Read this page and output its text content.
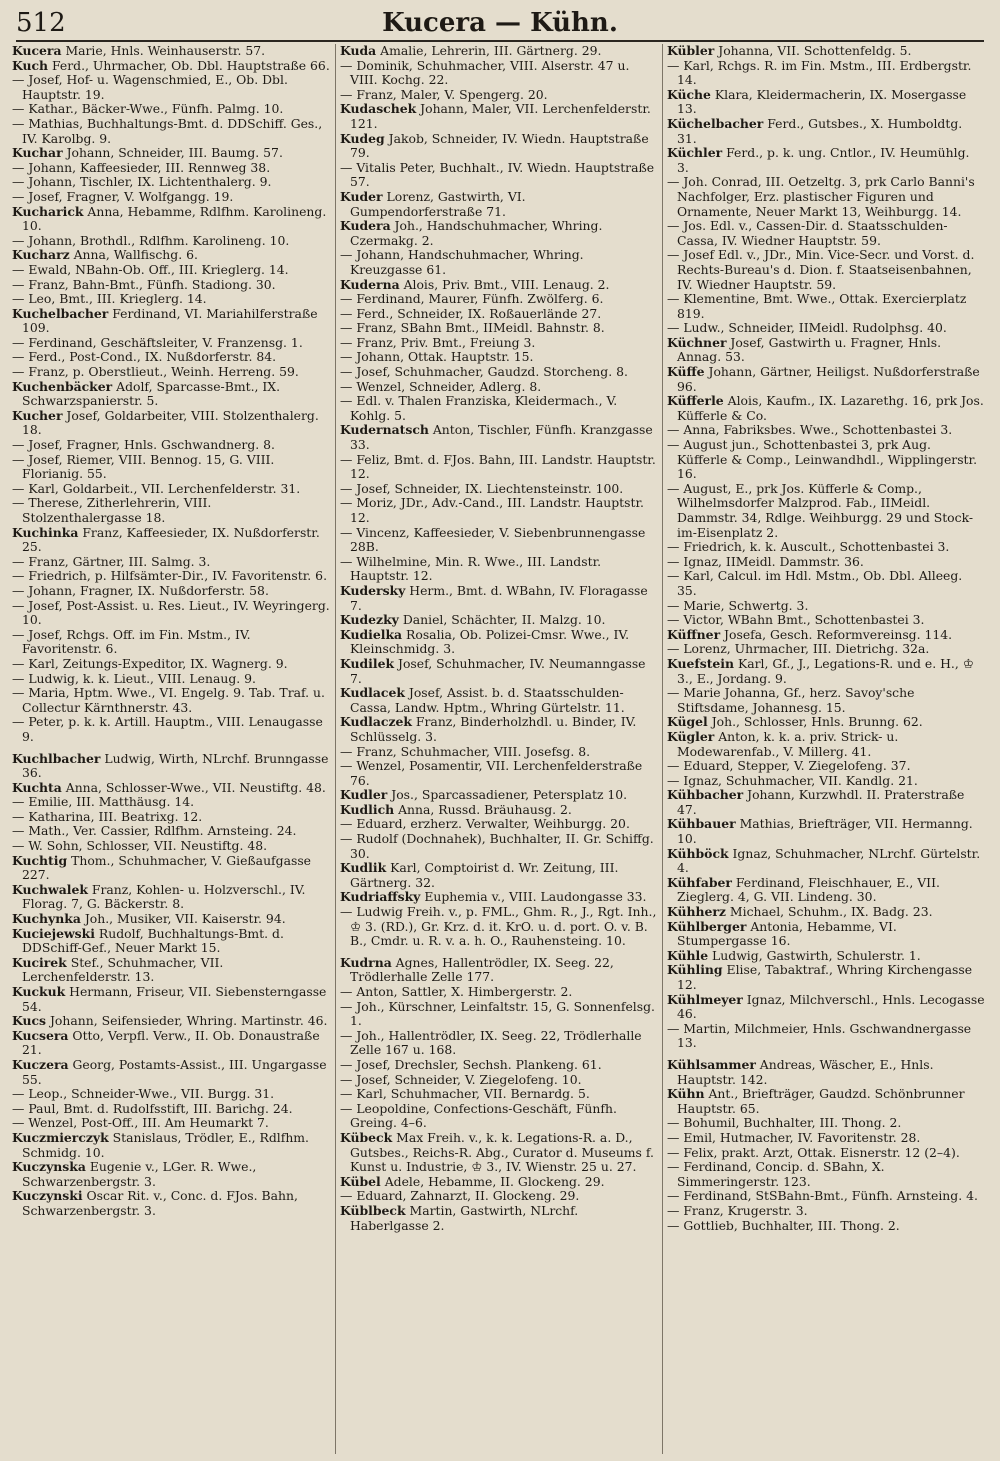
512	Kucera — Kühn.

Kucera Marie, Hnls. Weinhauserstr. 57.

Kuch Ferd., Uhrmacher, Ob. Dbl. Hauptstraße 66.

— Josef, Hof- u. Wagenschmied, E., Ob. Dbl. Hauptstr. 19.

— Kathar., Bäcker-Wwe., Fünfh. Palmg. 10.

— Mathias, Buchhaltungs-Bmt. d. DDSchiff. Ges., IV. Karolbg. 9.

Kuchar Johann, Schneider, III. Baumg. 57.

— Johann, Kaffeesieder, III. Rennweg 38.

— Johann, Tischler, IX. Lichtenthalerg. 9.

— Josef, Fragner, V. Wolfgangg. 19.

Kucharick Anna, Hebamme, Rdlfhm. Karolineng. 10.

— Johann, Brothdl., Rdlfhm. Karolineng. 10.

Kucharz Anna, Wallfischg. 6.

— Ewald, NBahn-Ob. Off., III. Krieglerg. 14.

— Franz, Bahn-Bmt., Fünfh. Stadiong. 30.

— Leo, Bmt., III. Krieglerg. 14.

Kuchelbacher Ferdinand, VI. Mariahilferstraße 109.

— Ferdinand, Geschäftsleiter, V. Franzensg. 1.

— Ferd., Post-Cond., IX. Nußdorferstr. 84.

— Franz, p. Oberstlieut., Weinh. Herreng. 59.

Kuchenbäcker Adolf, Sparcasse-Bmt., IX. Schwarzspanierstr. 5.

Kucher Josef, Goldarbeiter, VIII. Stolzenthalerg. 18.

— Josef, Fragner, Hnls. Gschwandnerg. 8.

— Josef, Riemer, VIII. Bennog. 15, G. VIII. Florianig. 55.

— Karl, Goldarbeit., VII. Lerchenfelderstr. 31.

— Therese, Zitherlehrerin, VIII. Stolzenthalergasse 18.

Kuchinka Franz, Kaffeesieder, IX. Nußdorferstr. 25.

— Franz, Gärtner, III. Salmg. 3.

— Friedrich, p. Hilfsämter-Dir., IV. Favoritenstr. 6.

— Johann, Fragner, IX. Nußdorferstr. 58.

— Josef, Post-Assist. u. Res. Lieut., IV. Weyringerg. 10.

— Josef, Rchgs. Off. im Fin. Mstm., IV. Favoritenstr. 6.

— Karl, Zeitungs-Expeditor, IX. Wagnerg. 9.

— Ludwig, k. k. Lieut., VIII. Lenaug. 9.

— Maria, Hptm. Wwe., VI. Engelg. 9. Tab. Traf. u. Collectur Kärnthnerstr. 43.

— Peter, p. k. k. Artill. Hauptm., VIII. Lenaugasse 9.

Kuchlbacher Ludwig, Wirth, NLrchf. Brunngasse 36.

Kuchta Anna, Schlosser-Wwe., VII. Neustiftg. 48.

— Emilie, III. Matthäusg. 14.

— Katharina, III. Beatrixg. 12.

— Math., Ver. Cassier, Rdlfhm. Arnsteing. 24.

— W. Sohn, Schlosser, VII. Neustiftg. 48.

Kuchtig Thom., Schuhmacher, V. Gießaufgasse 227.

Kuchwalek Franz, Kohlen- u. Holzverschl., IV. Florag. 7, G. Bäckerstr. 8.

Kuchynka Joh., Musiker, VII. Kaiserstr. 94.

Kuciejewski Rudolf, Buchhaltungs-Bmt. d. DDSchiff-Gef., Neuer Markt 15.

Kucirek Stef., Schuhmacher, VII. Lerchenfelderstr. 13.

Kuckuk Hermann, Friseur, VII. Siebensterngasse 54.

Kucs Johann, Seifensieder, Whring. Martinstr. 46.

Kucsera Otto, Verpfl. Verw., II. Ob. Donaustraße 21.

Kuczera Georg, Postamts-Assist., III. Ungargasse 55.

— Leop., Schneider-Wwe., VII. Burgg. 31.

— Paul, Bmt. d. Rudolfsstift, III. Barichg. 24.

— Wenzel, Post-Off., III. Am Heumarkt 7.

Kuczmierczyk Stanislaus, Trödler, E., Rdlfhm. Schmidg. 10.

Kuczynska Eugenie v., LGer. R. Wwe., Schwarzenbergstr. 3.

Kuczynski Oscar Rit. v., Conc. d. FJos. Bahn, Schwarzenbergstr. 3.

Kuda Amalie, Lehrerin, III. Gärtnerg. 29.

— Dominik, Schuhmacher, VIII. Alserstr. 47 u. VIII. Kochg. 22.

— Franz, Maler, V. Spengerg. 20.

Kudaschek Johann, Maler, VII. Lerchenfelderstr. 121.

Kudeg Jakob, Schneider, IV. Wiedn. Hauptstraße 79.

— Vitalis Peter, Buchhalt., IV. Wiedn. Hauptstraße 57.

Kuder Lorenz, Gastwirth, VI. Gumpendorferstraße 71.

Kudera Joh., Handschuhmacher, Whring. Czermakg. 2.

— Johann, Handschuhmacher, Whring. Kreuzgasse 61.

Kuderna Alois, Priv. Bmt., VIII. Lenaug. 2.

— Ferdinand, Maurer, Fünfh. Zwölferg. 6.

— Ferd., Schneider, IX. Roßauerlände 27.

— Franz, SBahn Bmt., IIMeidl. Bahnstr. 8.

— Franz, Priv. Bmt., Freiung 3.

— Johann, Ottak. Hauptstr. 15.

— Josef, Schuhmacher, Gaudzd. Storcheng. 8.

— Wenzel, Schneider, Adlerg. 8.

— Edl. v. Thalen Franziska, Kleidermach., V. Kohlg. 5.

Kudernatsch Anton, Tischler, Fünfh. Kranzgasse 33.

— Feliz, Bmt. d. FJos. Bahn, III. Landstr. Hauptstr. 12.

— Josef, Schneider, IX. Liechtensteinstr. 100.

— Moriz, JDr., Adv.-Cand., III. Landstr. Hauptstr. 12.

— Vincenz, Kaffeesieder, V. Siebenbrunnengasse 28B.

— Wilhelmine, Min. R. Wwe., III. Landstr. Hauptstr. 12.

Kudersky Herm., Bmt. d. WBahn, IV. Floragasse 7.

Kudezky Daniel, Schächter, II. Malzg. 10.

Kudielka Rosalia, Ob. Polizei-Cmsr. Wwe., IV. Kleinschmidg. 3.

Kudilek Josef, Schuhmacher, IV. Neumanngasse 7.

Kudlacek Josef, Assist. b. d. Staatsschulden-Cassa, Landw. Hptm., Whring Gürtelstr. 11.

Kudlaczek Franz, Binderholzhdl. u. Binder, IV. Schlüsselg. 3.

— Franz, Schuhmacher, VIII. Josefsg. 8.

— Wenzel, Posamentir, VII. Lerchenfelderstraße 76.

Kudler Jos., Sparcassadiener, Petersplatz 10.

Kudlich Anna, Russd. Bräuhausg. 2.

— Eduard, erzherz. Verwalter, Weihburgg. 20.

— Rudolf (Dochnahek), Buchhalter, II. Gr. Schiffg. 30.

Kudlik Karl, Comptoirist d. Wr. Zeitung, III. Gärtnerg. 32.

Kudriaffsky Euphemia v., VIII. Laudongasse 33.

— Ludwig Freih. v., p. FML., Ghm. R., J., Rgt. Inh., ♔ 3. (RD.), Gr. Krz. d. it. KrO. u. d. port. O. v. B. B., Cmdr. u. R. v. a. h. O., Rauhensteing. 10.

Kudrna Agnes, Hallentrödler, IX. Seeg. 22, Trödlerhalle Zelle 177.

— Anton, Sattler, X. Himbergerstr. 2.

— Joh., Kürschner, Leinfaltstr. 15, G. Sonnenfelsg. 1.

— Joh., Hallentrödler, IX. Seeg. 22, Trödlerhalle Zelle 167 u. 168.

— Josef, Drechsler, Sechsh. Plankeng. 61.

— Josef, Schneider, V. Ziegelofeng. 10.

— Karl, Schuhmacher, VII. Bernardg. 5.

— Leopoldine, Confections-Geschäft, Fünfh. Greing. 4–6.

Kübeck Max Freih. v., k. k. Legations-R. a. D., Gutsbes., Reichs-R. Abg., Curator d. Museums f. Kunst u. Industrie, ♔ 3., IV. Wienstr. 25 u. 27.

Kübel Adele, Hebamme, II. Glockeng. 29.

— Eduard, Zahnarzt, II. Glockeng. 29.

Küblbeck Martin, Gastwirth, NLrchf. Haberlgasse 2.

Kübler Johanna, VII. Schottenfeldg. 5.

— Karl, Rchgs. R. im Fin. Mstm., III. Erdbergstr. 14.

Küche Klara, Kleidermacherin, IX. Mosergasse 13.

Küchelbacher Ferd., Gutsbes., X. Humboldtg. 31.

Küchler Ferd., p. k. ung. Cntlor., IV. Heumühlg. 3.

— Joh. Conrad, III. Oetzeltg. 3, prk Carlo Banni's Nachfolger, Erz. plastischer Figuren und Ornamente, Neuer Markt 13, Weihburgg. 14.

— Jos. Edl. v., Cassen-Dir. d. Staatsschulden-Cassa, IV. Wiedner Hauptstr. 59.

— Josef Edl. v., JDr., Min. Vice-Secr. und Vorst. d. Rechts-Bureau's d. Dion. f. Staatseisenbahnen, IV. Wiedner Hauptstr. 59.

— Klementine, Bmt. Wwe., Ottak. Exercierplatz 819.

— Ludw., Schneider, IIMeidl. Rudolphsg. 40.

Küchner Josef, Gastwirth u. Fragner, Hnls. Annag. 53.

Küffe Johann, Gärtner, Heiligst. Nußdorferstraße 96.

Küfferle Alois, Kaufm., IX. Lazarethg. 16, prk Jos. Küfferle & Co.

— Anna, Fabriksbes. Wwe., Schottenbastei 3.

— August jun., Schottenbastei 3, prk Aug. Küfferle & Comp., Leinwandhdl., Wipplingerstr. 16.

— August, E., prk Jos. Küfferle & Comp., Wilhelmsdorfer Malzprod. Fab., IIMeidl. Dammstr. 34, Rdlge. Weihburgg. 29 und Stock-im-Eisenplatz 2.

— Friedrich, k. k. Auscult., Schottenbastei 3.

— Ignaz, IIMeidl. Dammstr. 36.

— Karl, Calcul. im Hdl. Mstm., Ob. Dbl. Alleeg. 35.

— Marie, Schwertg. 3.

— Victor, WBahn Bmt., Schottenbastei 3.

Küffner Josefa, Gesch. Reformvereinsg. 114.

— Lorenz, Uhrmacher, III. Dietrichg. 32a.

Kuefstein Karl, Gf., J., Legations-R. und e. H., ♔ 3., E., Jordang. 9.

— Marie Johanna, Gf., herz. Savoy'sche Stiftsdame, Johannesg. 15.

Kügel Joh., Schlosser, Hnls. Brunng. 62.

Kügler Anton, k. k. a. priv. Strick- u. Modewarenfab., V. Millerg. 41.

— Eduard, Stepper, V. Ziegelofeng. 37.

— Ignaz, Schuhmacher, VII. Kandlg. 21.

Kühbacher Johann, Kurzwhdl. II. Praterstraße 47.

Kühbauer Mathias, Briefträger, VII. Hermanng. 10.

Kühböck Ignaz, Schuhmacher, NLrchf. Gürtelstr. 4.

Kühfaber Ferdinand, Fleischhauer, E., VII. Zieglerg. 4, G. VII. Lindeng. 30.

Kühherz Michael, Schuhm., IX. Badg. 23.

Kühlberger Antonia, Hebamme, VI. Stumpergasse 16.

Kühle Ludwig, Gastwirth, Schulerstr. 1.

Kühling Elise, Tabaktraf., Whring Kirchengasse 12.

Kühlmeyer Ignaz, Milchverschl., Hnls. Lecogasse 46.

— Martin, Milchmeier, Hnls. Gschwandnergasse 13.

Kühlsammer Andreas, Wäscher, E., Hnls. Hauptstr. 142.

Kühn Ant., Briefträger, Gaudzd. Schönbrunner Hauptstr. 65.

— Bohumil, Buchhalter, III. Thong. 2.

— Emil, Hutmacher, IV. Favoritenstr. 28.

— Felix, prakt. Arzt, Ottak. Eisnerstr. 12 (2–4).

— Ferdinand, Concip. d. SBahn, X. Simmeringerstr. 123.

— Ferdinand, StSBahn-Bmt., Fünfh. Arnsteing. 4.

— Franz, Krugerstr. 3.

— Gottlieb, Buchhalter, III. Thong. 2.
